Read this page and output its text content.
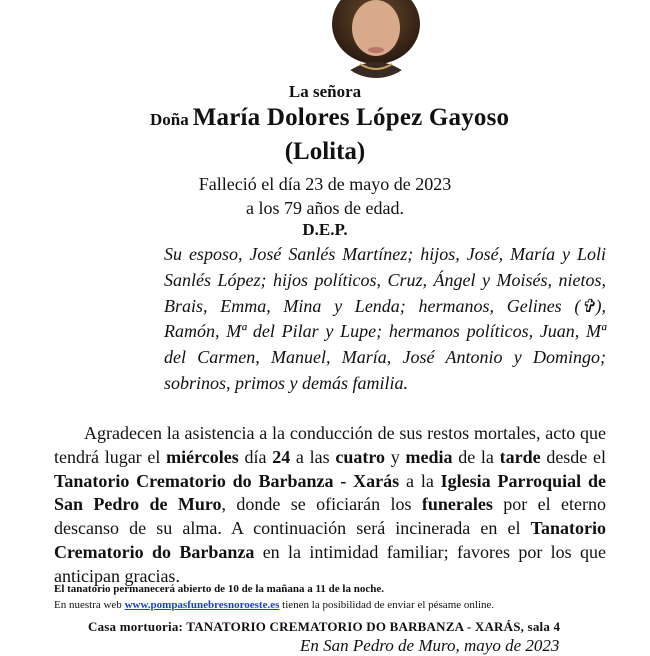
La señora
Doña María Dolores López Gayoso
(Lolita)
Falleció el día 23 de mayo de 2023
a los 79 años de edad.
D.E.P.
Su esposo, José Sanlés Martínez; hijos, José, María y Loli Sanlés López; hijos políticos, Cruz, Ángel y Moisés, nietos, Brais, Emma, Mina y Lenda; hermanos, Gelines (✞), Ramón, Mª del Pilar y Lupe; hermanos políticos, Juan, Mª del Carmen, Manuel, María, José Antonio y Domingo; sobrinos, primos y demás familia.
Agradecen la asistencia a la conducción de sus restos mortales, acto que tendrá lugar el miércoles día 24 a las cuatro y media de la tarde desde el Tanatorio Crematorio do Barbanza - Xarás a la Iglesia Parroquial de San Pedro de Muro, donde se oficiarán los funerales por el eterno descanso de su alma. A continuación será incinerada en el Tanatorio Crematorio do Barbanza en la intimidad familiar; favores por los que anticipan gracias.
El tanatorio permanecerá abierto de 10 de la mañana a 11 de la noche.
En nuestra web www.pompasfunebresnoroeste.es tienen la posibilidad de enviar el pésame online.
Casa mortuoria: TANATORIO CREMATORIO DO BARBANZA - XARÁS, sala 4
En San Pedro de Muro, mayo de 2023
